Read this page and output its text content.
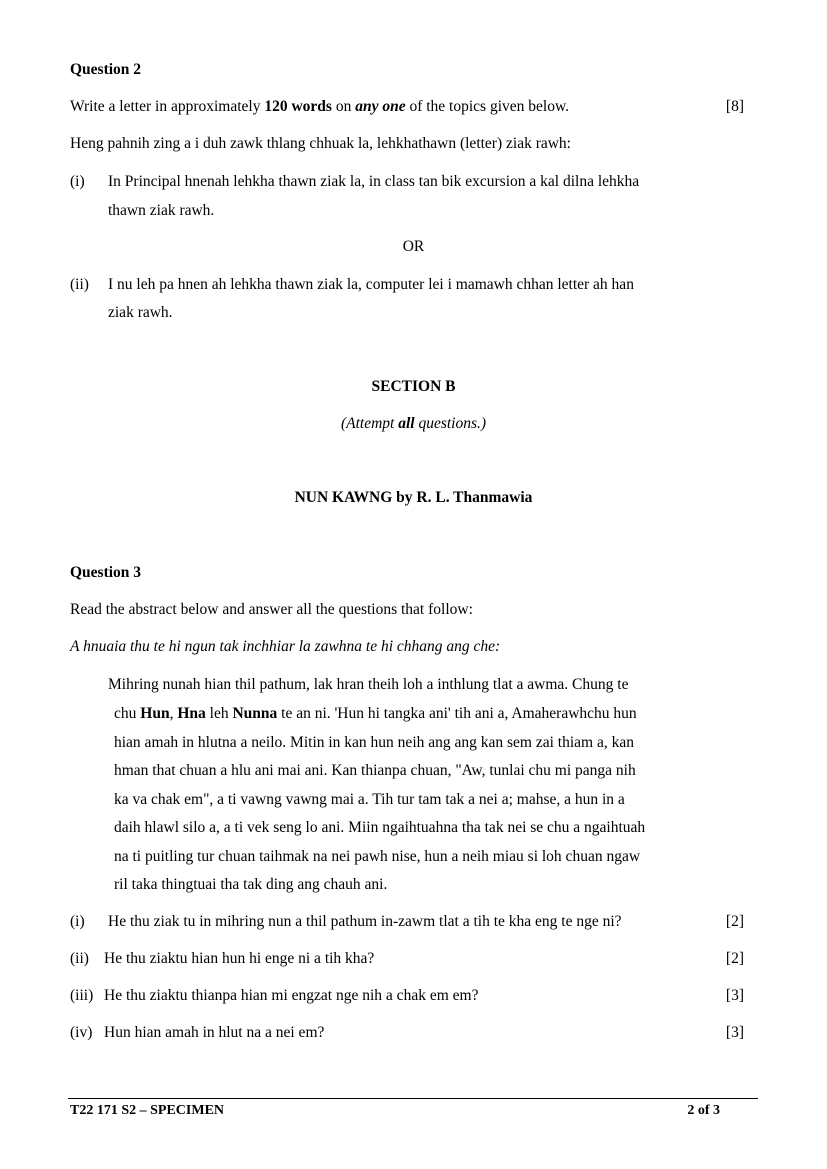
Question 2
Write a letter in approximately 120 words on any one of the topics given below.	[8]
Heng pahnih zing a i duh zawk thlang chhuak la, lehkhathawn (letter) ziak rawh:
(i) In Principal hnenah lehkha thawn ziak la, in class tan bik excursion a kal dilna lehkha
thawn ziak rawh.
OR
(ii) I nu leh pa hnen ah lehkha thawn ziak la, computer lei i mamawh chhan letter ah han
ziak rawh.
SECTION B
(Attempt all questions.)
NUN KAWNG by R. L. Thanmawia
Question 3
Read the abstract below and answer all the questions that follow:
A hnuaia thu te hi ngun tak inchhiar la zawhna te hi chhang ang che:
Mihring nunah hian thil pathum, lak hran theih loh a inthlung tlat a awma. Chung te
chu Hun, Hna leh Nunna te an ni. 'Hun hi tangka ani' tih ani a, Amaherawhchu hun
hian amah in hlutna a neilo. Mitin in kan hun neih ang ang kan sem zai thiam a, kan
hman that chuan a hlu ani mai ani. Kan thianpa chuan, "Aw, tunlai chu mi panga nih
ka va chak em", a ti vawng vawng mai a. Tih tur tam tak a nei a; mahse, a hun in a
daih hlawl silo a, a ti vek seng lo ani. Miin ngaihtuahna tha tak nei se chu a ngaihtuah
na ti puitling tur chuan taihmak na nei pawh nise, hun a neih miau si loh chuan ngaw
ril taka thingtuai tha tak ding ang chauh ani.
(i) He thu ziak tu in mihring nun a thil pathum in-zawm tlat a tih te kha eng te nge ni?	[2]
(ii) He thu ziaktu hian hun hi enge ni a tih kha?	[2]
(iii) He thu ziaktu thianpa hian mi engzat nge nih a chak em em?	[3]
(iv) Hun hian amah in hlut na a nei em?	[3]
T22 171 S2 – SPECIMEN	2 of 3
